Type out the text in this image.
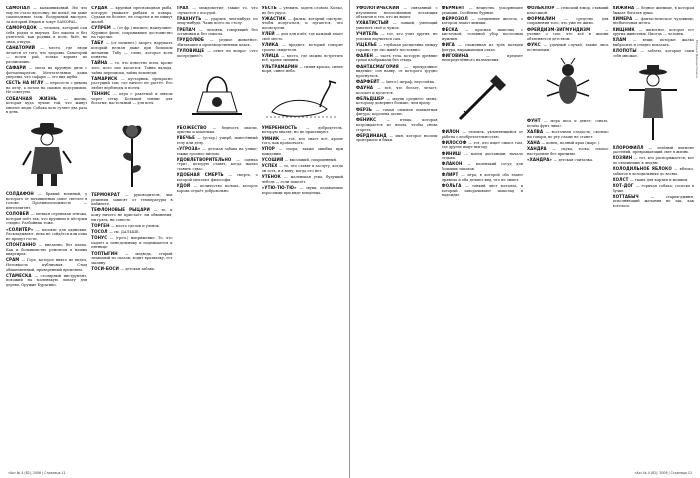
САМОПАЛ — калашниковый. Ни что ему не стало вдогонку: ни копьё, ни даже самопальные газы. Воздушный выстрел, за который Индия и зовут SAMOPAL.

САМОРОДОК — человек, который сам себя родил и выучил. Без школы и без учителей, как родник в поле, бьёт, не зная, откуда.

САНАТОРИЙ — место, где люди лечатся от того, что здоровы. Санаторий — почти рай, только кормят по расписанию.

САФАРИ — охота на крупную дичь с фотоаппаратом. Мечтательные дамы уверены, что сафари — это вид шубы.

СЕСТЬ НА ИГЛУ — пересесть с дивана на иглу, а потом на скамью подсудимых. Не советуем.

СОБАЧНАЯ ЖИЗНЬ — жизнь, которая куда лучше той, что живут многие люди. Собака хоть гуляет два раза в день.

СОЛДАФОН — бравый военный, у которого от начищенных сапог светлее в голове. Противоположность — интеллигент.

СОЛОВЕЙ — мелкая серенькая птичка, которая поёт так, что крупным и пёстрым стыдно. Разбойник тоже.

«СОЛИТЁР» — пасьянс для одиноких. Раскладывают, пока не сойдётся или пока не придут гости.

СПОНТАННО — внезапно, без плана. Как и большинство ремонтов в наших квартирах.

СРАМ — Горе, которое никто не видел, Неловкость публичная. Стыд обыкновенный, проверенный временем.

СТАМЕСКА — столярный инструмент, похожий на маленькую лопату для дерева. Оружие Буратино.

СУДАК — крупная пресноводная рыба, которую уважают рыбаки и повара. Судаки не болеют, не стареют и не пишут жалоб.

СУПРЕМ — (от фр.) высшее, наилучшее. Куриное филе, сохранившее достоинство на тарелке.

ТАБУ — (от полинез.) запрет, нарушать который нельзя даже при большом желании. Табу — слово, которое всем понятно.

ТАЙНА — то, что известно всем, кроме того, кого оно касается. Тайна вклада, тайна переписки, тайна исповеди.

ТАМАРИСК — кустарник, прекрасно растущий там, где ничего не растёт. Его любят верблюды и поэты.

ТЕННИС — игра с ракеткой и мячом через сетку. Большой теннис для богатых, настольный — для всех.

ТЕРМОКРАТ — руководитель, чьи решения зависят от температуры в кабинете.

ТЕФЛОНОВЫЕ РЫЦАРИ — те, к кому ничего не пристаёт: ни обвинения, ни грязь, ни совесть.

ТОРГЕН — место сделок и уловок.

ТОСОЛ — см. ДАЛЬШЕ.

ТОНУС — (греч.) напряжение. То, что падает к понедельнику и поднимается к пятнице.

ТОПТЫГИН — медведь, старый знакомый из сказок; ходит вразвалку, ест малину.

ТОСИ-БОСИ — детская забава.

ТРАХ — междометие; также то, что случается с посудой.

ТРАХНУТЬ — ударить чем-нибудь по чему-нибудь. Чаще всего по столу.

ТРЕПАЧ — человек, говорящий без остановки и без смысла.

ТРУДОЛЮБ — редкое животное, обитающее в производственных цехах.

ТУЛОВИЩЕ — ответ на вопрос «что посередине?»

УБОЖЕСТВО — бедность мысли, чувства и кошелька.

УВЕЧЬЕ — (устар.) ущерб, нанесённый телу или делу.

«УГРОЗА» — детская забава на улице; также грозное письмо.

УДОВЛЕТВОРИТЕЛЬНО — оценка «три», которую ставят, когда жалко ставить «два».

УДОБНАЯ СМЕРТЬ — смерть, о которой мечтают философы.

УДОЙ — количество молока, которое корова отдаёт добровольно.

УЕСТЬ — уязвить, задеть словом. Колко, но без укуса.

УЖАСТИК — фильм, который смотрят, чтобы испугаться, и пугаются, что посмотрели.

УЛЕЙ — дом для пчёл, где каждый знает своё место.

УЛИКА — предмет, который говорит громче свидетеля.

УЛИЦА — место, где можно встретить всё, кроме тишины.

УЛЬТРАМАРИН — синяя краска, синее моря, синее неба.

УМЕРЕННОСТЬ — добродетель, которую хвалят, но не практикуют.

УМНИК — тот, кто знает всё, кроме того, как промолчать.

УПОР — опора; также ошибка при вождении.

УСОШИЙ — высохший, сморщенный.

УСПЕХ — то, что ставят в заслугу, когда он есть, и в вину, когда его нет.

УТЕНОК — маленькая утка, будущий лебедь — если повезёт.

«УТЮ-ТЮ-ТЮ» — звуки, издаваемые взрослыми при виде младенца.

«Ах» № 4 (82), 2006 | Страница 11

УФОЛОГИЧЕСКИЙ — связанный с изучением неопознанных летающих объектов и тех, кто их видел.

УХВАТИСТЫЙ — ловкий, умеющий ухватить своё и чужое.

УЧИТЕЛЬ — тот, кто учит других, не успевая научиться сам.

УЩЕЛЬЕ — глубокая расщелина между горами, где эхо живёт постоянно.

ФАЛЕН — часть тела, которую древние греки изображали без стыда.

ФАНТАСМАГОРИЯ — причудливое видение; сон наяву, от которого трудно проснуться.

ФАРФЕЙТ — (англ.) штраф, неустойка.

ФАУНА — всё, что бегает, летает, ползает и кусается.

ФЕЛЬДШЕР — медик среднего звена, которому доверяют больше, чем врачу.

ФЕРЗЬ — самая сильная шахматная фигура; королева доски.

ФЕНИКС — птица, которая возрождается из пепла, чтобы снова сгореть.

ФЕРДИНАНД — имя, которое носили эрцгерцоги и быки.

ФЕРМЕНТ — вещество, ускоряющее реакции. Особенно бурные.

ФЕРРОЗОЛ — соединение железа, о котором знают химики.

ФЕСКА — красная шапочка с кисточкой, головной убор восточных мужчин.

ФИГА — сложенная из трёх пальцев фигура, выражающая отказ.

ФИГОВИНА — предмет неопределённого назначения.

ФИЛОН — человек, уклоняющийся от работы с изобретательностью.

ФИЛОСОФ — тот, кто ищет смысл там, где другие ищут выгоду.

ФИНИШ — конец дистанции; начало отдыха.

ФЛАКОН — маленький сосуд для больших запахов.

ФЛИРТ — игра, в которой оба знают правила и оба делают вид, что не знают.

ФОЛЬГА — тонкий лист металла, в который заворачивают шоколад и надежды.

ФОЛЬКЛОР — сельский юмор, ставший классикой.

ФОРМАЛИН — средство для сохранения того, что уже не живо.

ФРЕЙДИЗМ-ЗИГМУНДИЗМ — учение о том, что всё в жизни объясняется детством.

ФУКС — удачный случай; также лиса по-немецки.

ФУНТ — мера веса и денег; «знать, почём фунт лиха».

ХАЛВА — восточная сладость; сколько ни говори, во рту слаще не станет.

ХАНА — конец, полный крах (жарг.).

ХАНДРА — скука, тоска, плохое настроение без причины.

«ХАНДРА» — детская считалка.

ХИЖИНА — бедное жилище, в котором бывает богатая душа.

ХИМЕРА — фантастическое чудовище; несбыточная мечта.

ХИЩНИК — животное, которое ест других животных. Иногда — человек.

ХЛАМ — вещи, которые жалко выбросить и стыдно показать.

ХЛОПОТЫ — заботы, которые сами себя множат.

ХЛОРОФИЛЛ — зелёный пигмент растений, превращающий свет в жизнь.

ХОЗЯИН — тот, кто распоряжается; кот по отношению к людям.

ХОЛОДИЛЬНОЕ ЯБЛОКО — яблоко, забытое в холодильнике до весны.

ХОЛСТ — ткань для картин и мешков.

ХОТ-ДОГ — горячая собака; сосиска в булке.

ХОТТАБЫЧ — старик-джинн, исполняющий желания не так, как хотелось.

«Ах» № 4 (82), 2006 | Страница 12
Рисунки Давида Гомеса
